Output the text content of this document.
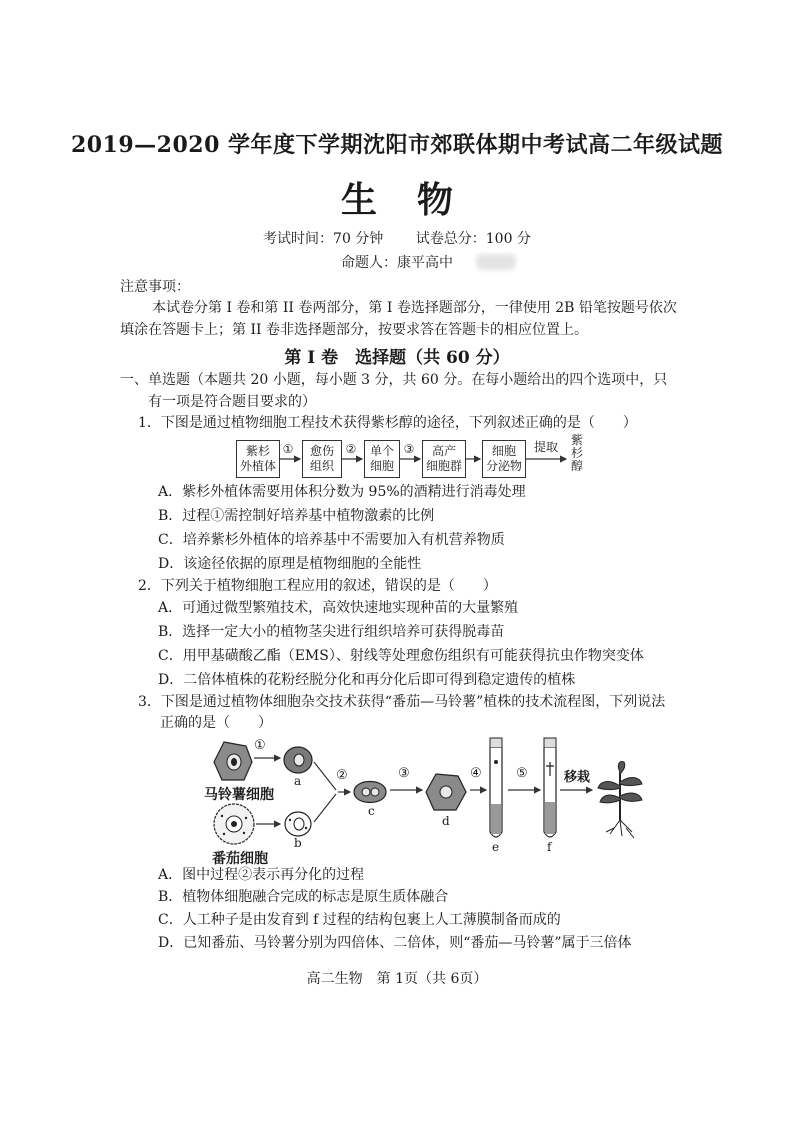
2019—2020 学年度下学期沈阳市郊联体期中考试高二年级试题
生物
考试时间：70 分钟 试卷总分：100 分
命题人：康平高中
注意事项：
本试卷分第 I 卷和第 II 卷两部分，第 I 卷选择题部分，一律使用 2B 铅笔按题号依次
填涂在答题卡上；第 II 卷非选择题部分，按要求答在答题卡的相应位置上。
第 I 卷　选择题（共 60 分）
一、单选题（本题共 20 小题，每小题 3 分，共 60 分。在每小题给出的四个选项中，只
有一项是符合题目要求的）
1．下图是通过植物细胞工程技术获得紫杉醇的途径，下列叙述正确的是（　　）
紫杉
外植体
① 愈伤
组织
② 单个
细胞
③	高产
细胞群
细胞
分泌物
提取	紫
杉
醇
A．紫杉外植体需要用体积分数为 95%的酒精进行消毒处理
B．过程①需控制好培养基中植物激素的比例
C．培养紫杉外植体的培养基中不需要加入有机营养物质
D．该途径依据的原理是植物细胞的全能性
2．下列关于植物细胞工程应用的叙述，错误的是（　　）
A．可通过微型繁殖技术，高效快速地实现种苗的大量繁殖
B．选择一定大小的植物茎尖进行组织培养可获得脱毒苗
C．用甲基磺酸乙酯（EMS）、射线等处理愈伤组织有可能获得抗虫作物突变体
D．二倍体植株的花粉经脱分化和再分化后即可得到稳定遗传的植株
3．下图是通过植物体细胞杂交技术获得“番茄—马铃薯”植株的技术流程图，下列说法
正确的是（　　）
①
a
b
②
c
③
d
④
e
⑤
f
移栽
马铃薯细胞
番茄细胞
A．图中过程②表示再分化的过程
B．植物体细胞融合完成的标志是原生质体融合
C．人工种子是由发育到 f 过程的结构包裹上人工薄膜制备而成的
D．已知番茄、马铃薯分别为四倍体、二倍体，则“番茄—马铃薯”属于三倍体
高二生物　第 1页（共 6页）
